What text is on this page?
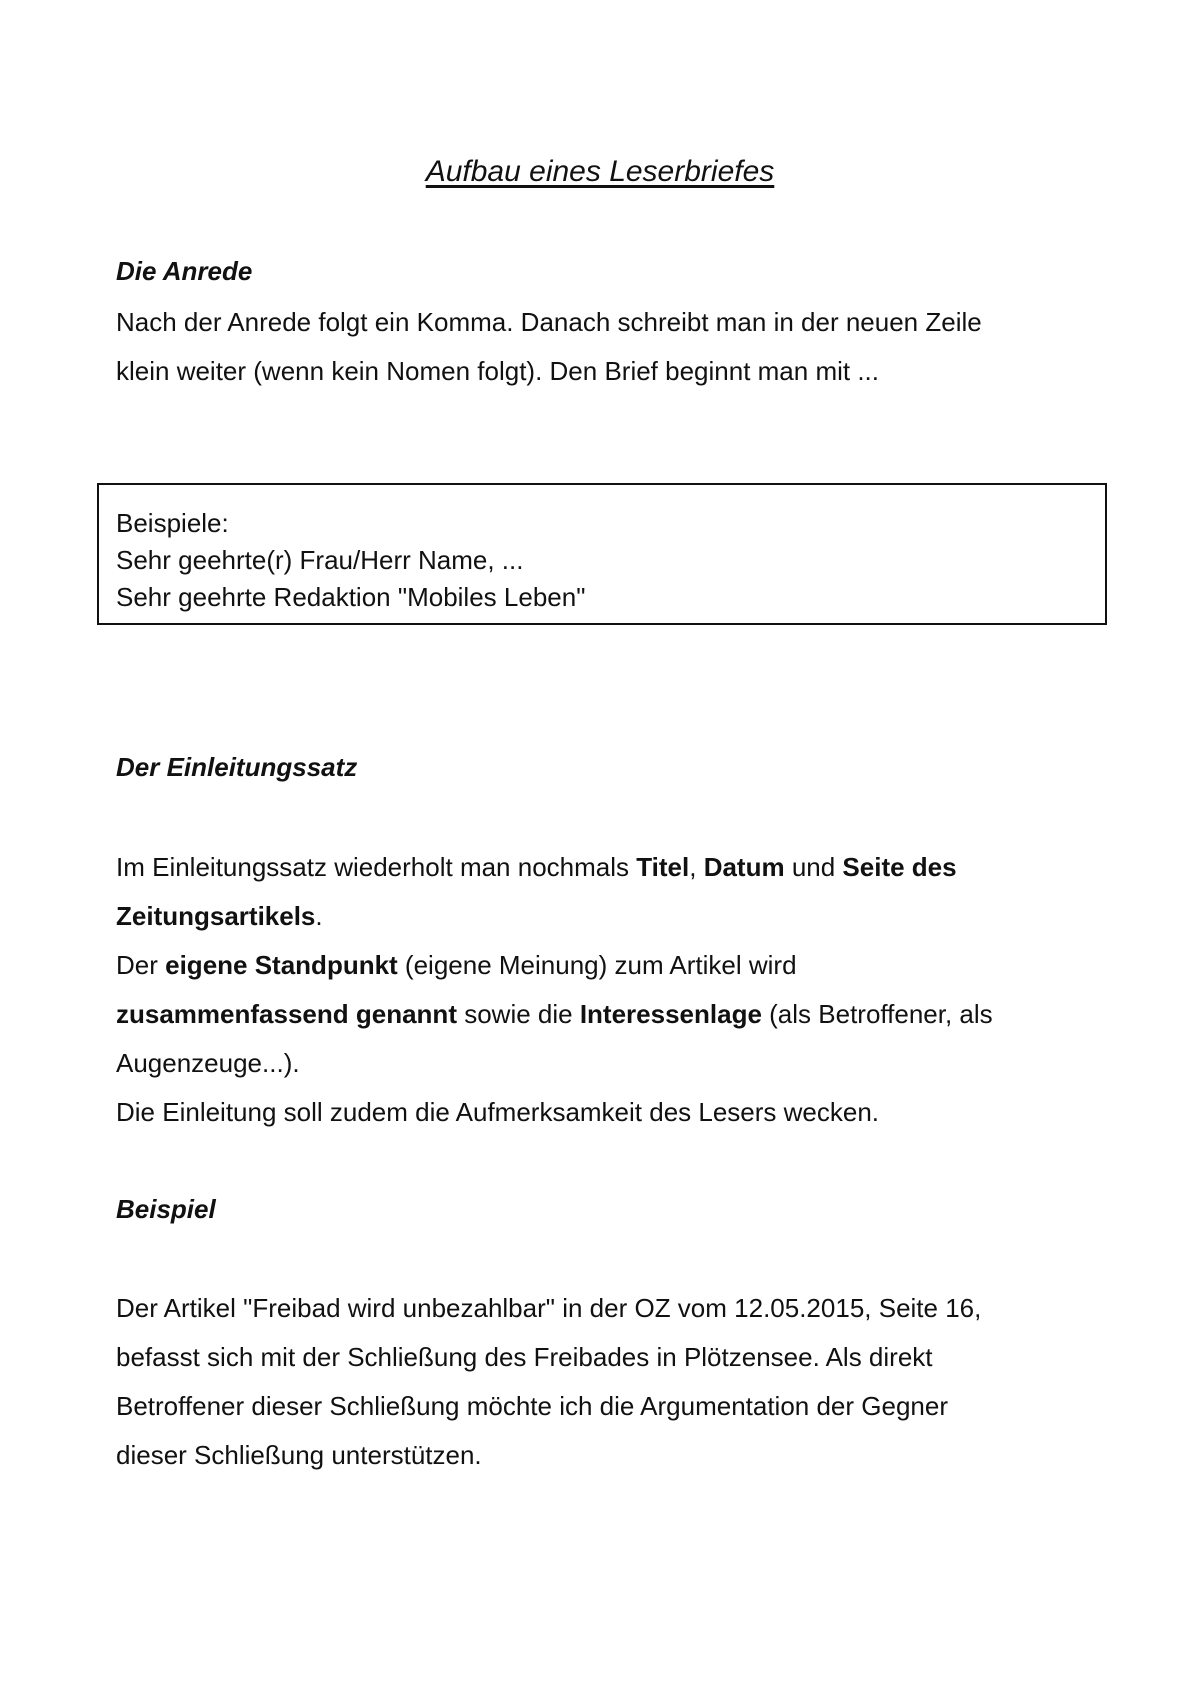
Aufbau eines Leserbriefes
Die Anrede

Nach der Anrede folgt ein Komma. Danach schreibt man in der neuen Zeile
klein weiter (wenn kein Nomen folgt). Den Brief beginnt man mit ...

Beispiele:
Sehr geehrte(r) Frau/Herr Name, ...
Sehr geehrte Redaktion "Mobiles Leben"
Der Einleitungssatz

Im Einleitungssatz wiederholt man nochmals Titel, Datum und Seite des
Zeitungsartikels.
Der eigene Standpunkt (eigene Meinung) zum Artikel wird
zusammenfassend genannt sowie die Interessenlage (als Betroffener, als
Augenzeuge...).
Die Einleitung soll zudem die Aufmerksamkeit des Lesers wecken.

Beispiel

Der Artikel "Freibad wird unbezahlbar" in der OZ vom 12.05.2015, Seite 16,
befasst sich mit der Schließung des Freibades in Plötzensee. Als direkt
Betroffener dieser Schließung möchte ich die Argumentation der Gegner
dieser Schließung unterstützen.
